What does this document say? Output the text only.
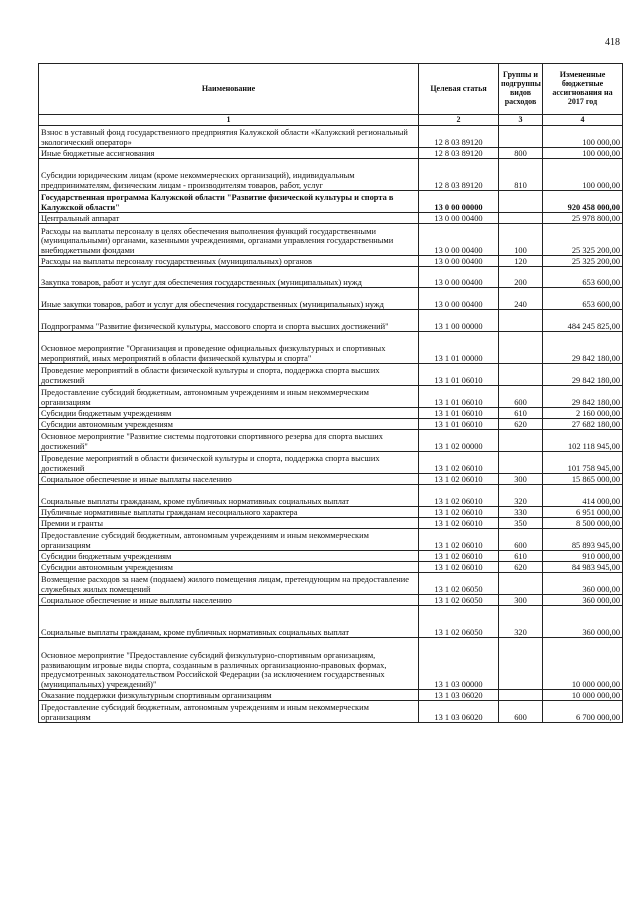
418
Наименование	Целевая статья	Группы и подгруппы видов расходов	Измененные бюджетные ассигнования на 2017 год
1	2	3	4
Взнос в уставный фонд государственного предприятия Калужской области «Калужский региональный экологический оператор»	12 8 03 89120		100 000,00
Иные бюджетные ассигнования	12 8 03 89120	800	100 000,00
Субсидии юридическим лицам (кроме некоммерческих организаций), индивидуальным предпринимателям, физическим лицам - производителям товаров, работ, услуг	12 8 03 89120	810	100 000,00
Государственная программа Калужской области "Развитие физической культуры и спорта в Калужской области"	13 0 00 00000		920 458 000,00
Центральный аппарат	13 0 00 00400		25 978 800,00
Расходы на выплаты персоналу в целях обеспечения выполнения функций государственными (муниципальными) органами, казенными учреждениями, органами управления государственными внебюджетными фондами	13 0 00 00400	100	25 325 200,00
Расходы на выплаты персоналу государственных (муниципальных) органов	13 0 00 00400	120	25 325 200,00
Закупка товаров, работ и услуг для обеспечения государственных (муниципальных) нужд	13 0 00 00400	200	653 600,00
Иные закупки товаров, работ и услуг для обеспечения государственных (муниципальных) нужд	13 0 00 00400	240	653 600,00
Подпрограмма "Развитие физической культуры, массового спорта и спорта высших достижений"	13 1 00 00000		484 245 825,00
Основное мероприятие "Организация и проведение официальных физкультурных и спортивных мероприятий, иных мероприятий в области физической культуры и спорта"	13 1 01 00000		29 842 180,00
Проведение мероприятий в области физической культуры и спорта, поддержка спорта высших достижений	13 1 01 06010		29 842 180,00
Предоставление субсидий бюджетным, автономным учреждениям и иным некоммерческим организациям	13 1 01 06010	600	29 842 180,00
Субсидии бюджетным учреждениям	13 1 01 06010	610	2 160 000,00
Субсидии автономным учреждениям	13 1 01 06010	620	27 682 180,00
Основное мероприятие "Развитие системы подготовки спортивного резерва для спорта высших достижений"	13 1 02 00000		102 118 945,00
Проведение мероприятий в области физической культуры и спорта, поддержка спорта высших достижений	13 1 02 06010		101 758 945,00
Социальное обеспечение и иные выплаты населению	13 1 02 06010	300	15 865 000,00
Социальные выплаты гражданам, кроме публичных нормативных социальных выплат	13 1 02 06010	320	414 000,00
Публичные нормативные выплаты гражданам несоциального характера	13 1 02 06010	330	6 951 000,00
Премии и гранты	13 1 02 06010	350	8 500 000,00
Предоставление субсидий бюджетным, автономным учреждениям и иным некоммерческим организациям	13 1 02 06010	600	85 893 945,00
Субсидии бюджетным учреждениям	13 1 02 06010	610	910 000,00
Субсидии автономным учреждениям	13 1 02 06010	620	84 983 945,00
Возмещение расходов за наем (поднаем) жилого помещения лицам, претендующим на предоставление служебных жилых помещений	13 1 02 06050		360 000,00
Социальное обеспечение и иные выплаты населению	13 1 02 06050	300	360 000,00
Социальные выплаты гражданам, кроме публичных нормативных социальных выплат	13 1 02 06050	320	360 000,00
Основное мероприятие "Предоставление субсидий физкультурно-спортивным организациям, развивающим игровые виды спорта, созданным в различных организационно-правовых формах, предусмотренных законодательством Российской Федерации (за исключением государственных (муниципальных) учреждений)"	13 1 03 00000		10 000 000,00
Оказание поддержки физкультурным спортивным организациям	13 1 03 06020		10 000 000,00
Предоставление субсидий бюджетным, автономным учреждениям и иным некоммерческим организациям	13 1 03 06020	600	6 700 000,00
